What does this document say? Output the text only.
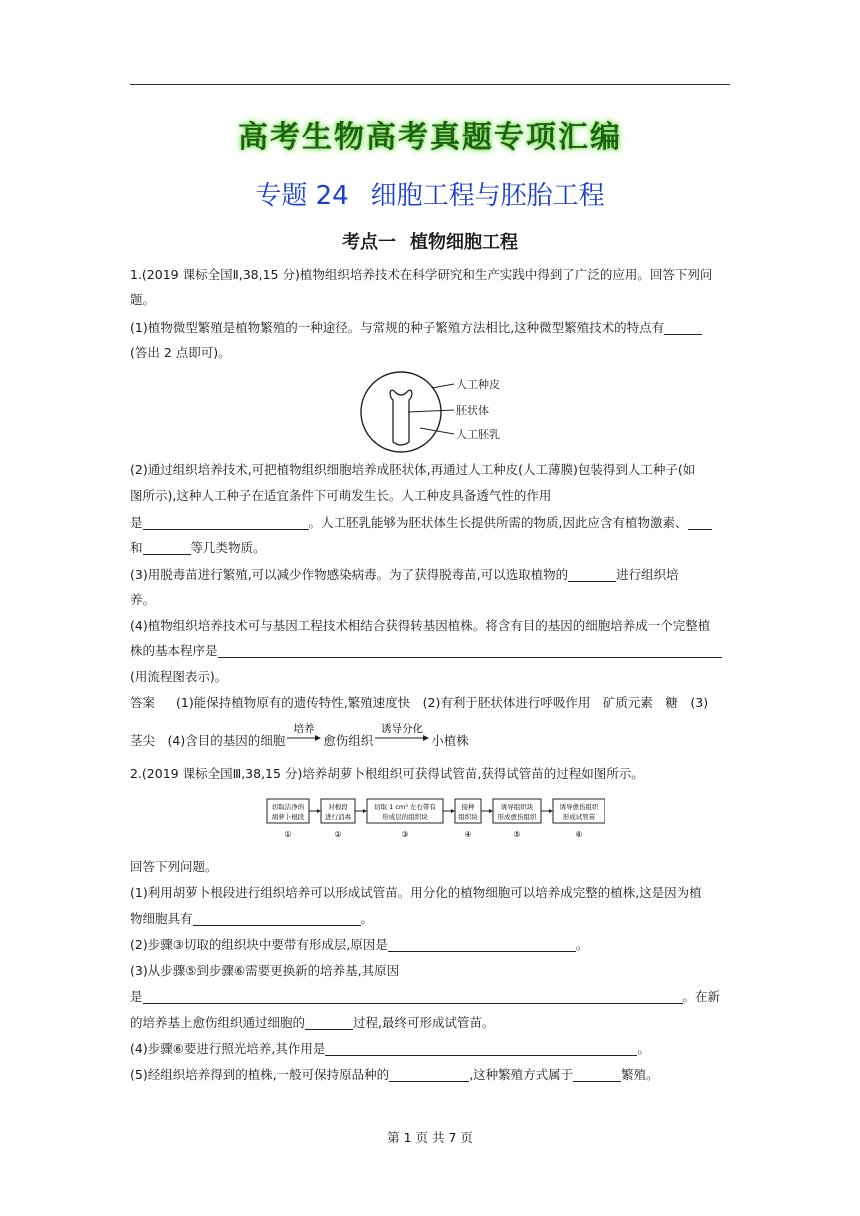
高考生物高考真题专项汇编
专题 24 细胞工程与胚胎工程
考点一 植物细胞工程
1.(2019 课标全国Ⅱ,38,15 分)植物组织培养技术在科学研究和生产实践中得到了广泛的应用。回答下列问
题。
(1)植物微型繁殖是植物繁殖的一种途径。与常规的种子繁殖方法相比,这种微型繁殖技术的特点有
(答出 2 点即可)。
人工种皮
胚状体
人工胚乳
(2)通过组织培养技术,可把植物组织细胞培养成胚状体,再通过人工种皮(人工薄膜)包装得到人工种子(如
图所示),这种人工种子在适宜条件下可萌发生长。人工种皮具备透气性的作用
是	。人工胚乳能够为胚状体生长提供所需的物质,因此应含有植物激素、
和	等几类物质。
(3)用脱毒苗进行繁殖,可以减少作物感染病毒。为了获得脱毒苗,可以选取植物的	进行组织培
养。
(4)植物组织培养技术可与基因工程技术相结合获得转基因植株。将含有目的基因的细胞培养成一个完整植
株的基本程序是
(用流程图表示)。
答案 (1)能保持植物原有的遗传特性,繁殖速度快　(2)有利于胚状体进行呼吸作用　矿质元素　糖　(3)
茎尖　(4)含目的基因的细胞
培养
愈伤组织
诱导分化
小植株
2.(2019 课标全国Ⅲ,38,15 分)培养胡萝卜根组织可获得试管苗,获得试管苗的过程如图所示。
切取洁净的
胡萝卜根段
①
对根段
进行消毒
②
切取 1 cm³ 左右带有
形成层的组织块
③
接种
组织块
④
诱导组织块
形成愈伤组织
⑤
诱导愈伤组织
形成试管苗
⑥
回答下列问题。
(1)利用胡萝卜根段进行组织培养可以形成试管苗。用分化的植物细胞可以培养成完整的植株,这是因为植
物细胞具有	。
(2)步骤③切取的组织块中要带有形成层,原因是	。
(3)从步骤⑤到步骤⑥需要更换新的培养基,其原因
是	。在新
的培养基上愈伤组织通过细胞的	过程,最终可形成试管苗。
(4)步骤⑥要进行照光培养,其作用是	。
(5)经组织培养得到的植株,一般可保持原品种的	,这种繁殖方式属于	繁殖。
第 1 页 共 7 页
